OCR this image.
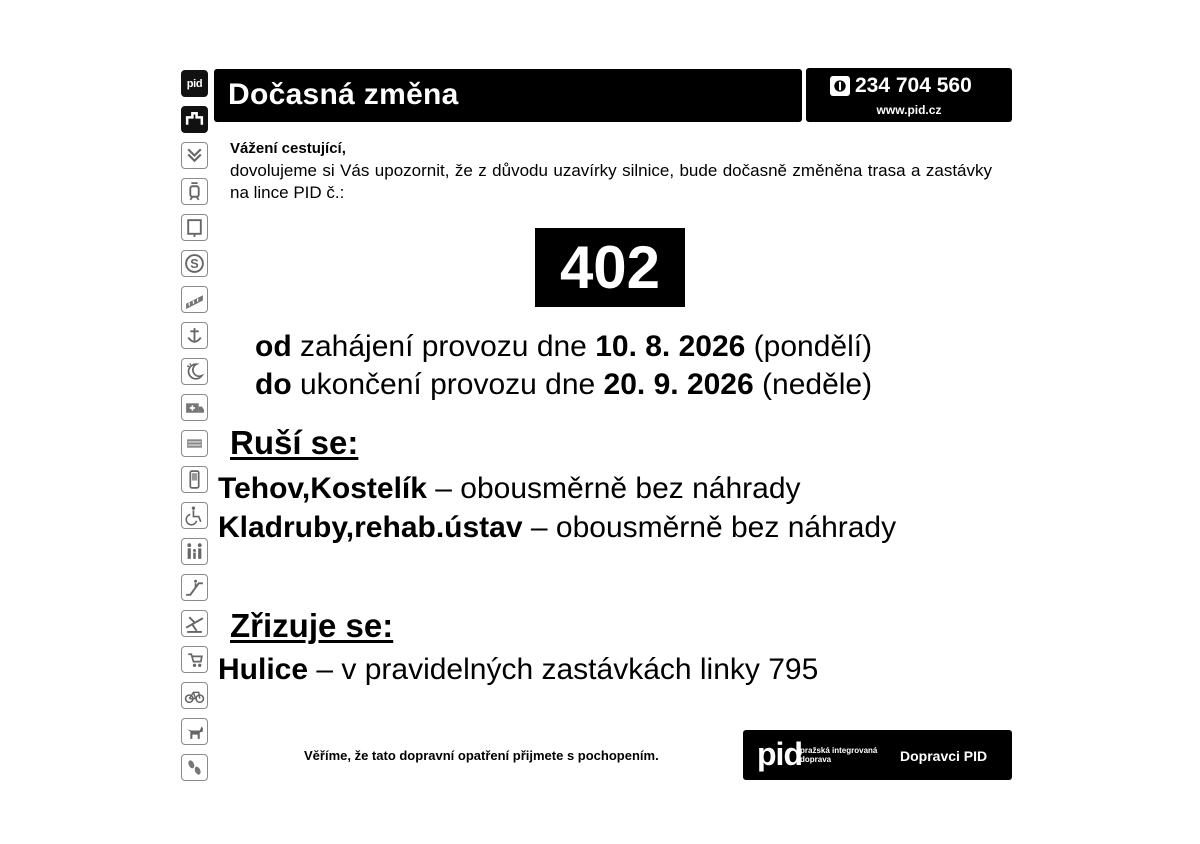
pid
S
Dočasná změna	234 704 560
www.pid.cz
Vážení cestující,
dovolujeme si Vás upozornit, že z důvodu uzavírky silnice, bude dočasně změněna trasa a zastávky na lince PID č.:
402
od zahájení provozu dne 10. 8. 2026 (pondělí)
do ukončení provozu dne 20. 9. 2026 (neděle)
Ruší se:
Tehov,Kostelík – obousměrně bez náhrady
Kladruby,rehab.ústav – obousměrně bez náhrady
Zřizuje se:
Hulice – v pravidelných zastávkách linky 795
Věříme, že tato dopravní opatření přijmete s pochopením.	pid
pražská integrovaná
doprava	Dopravci PID
